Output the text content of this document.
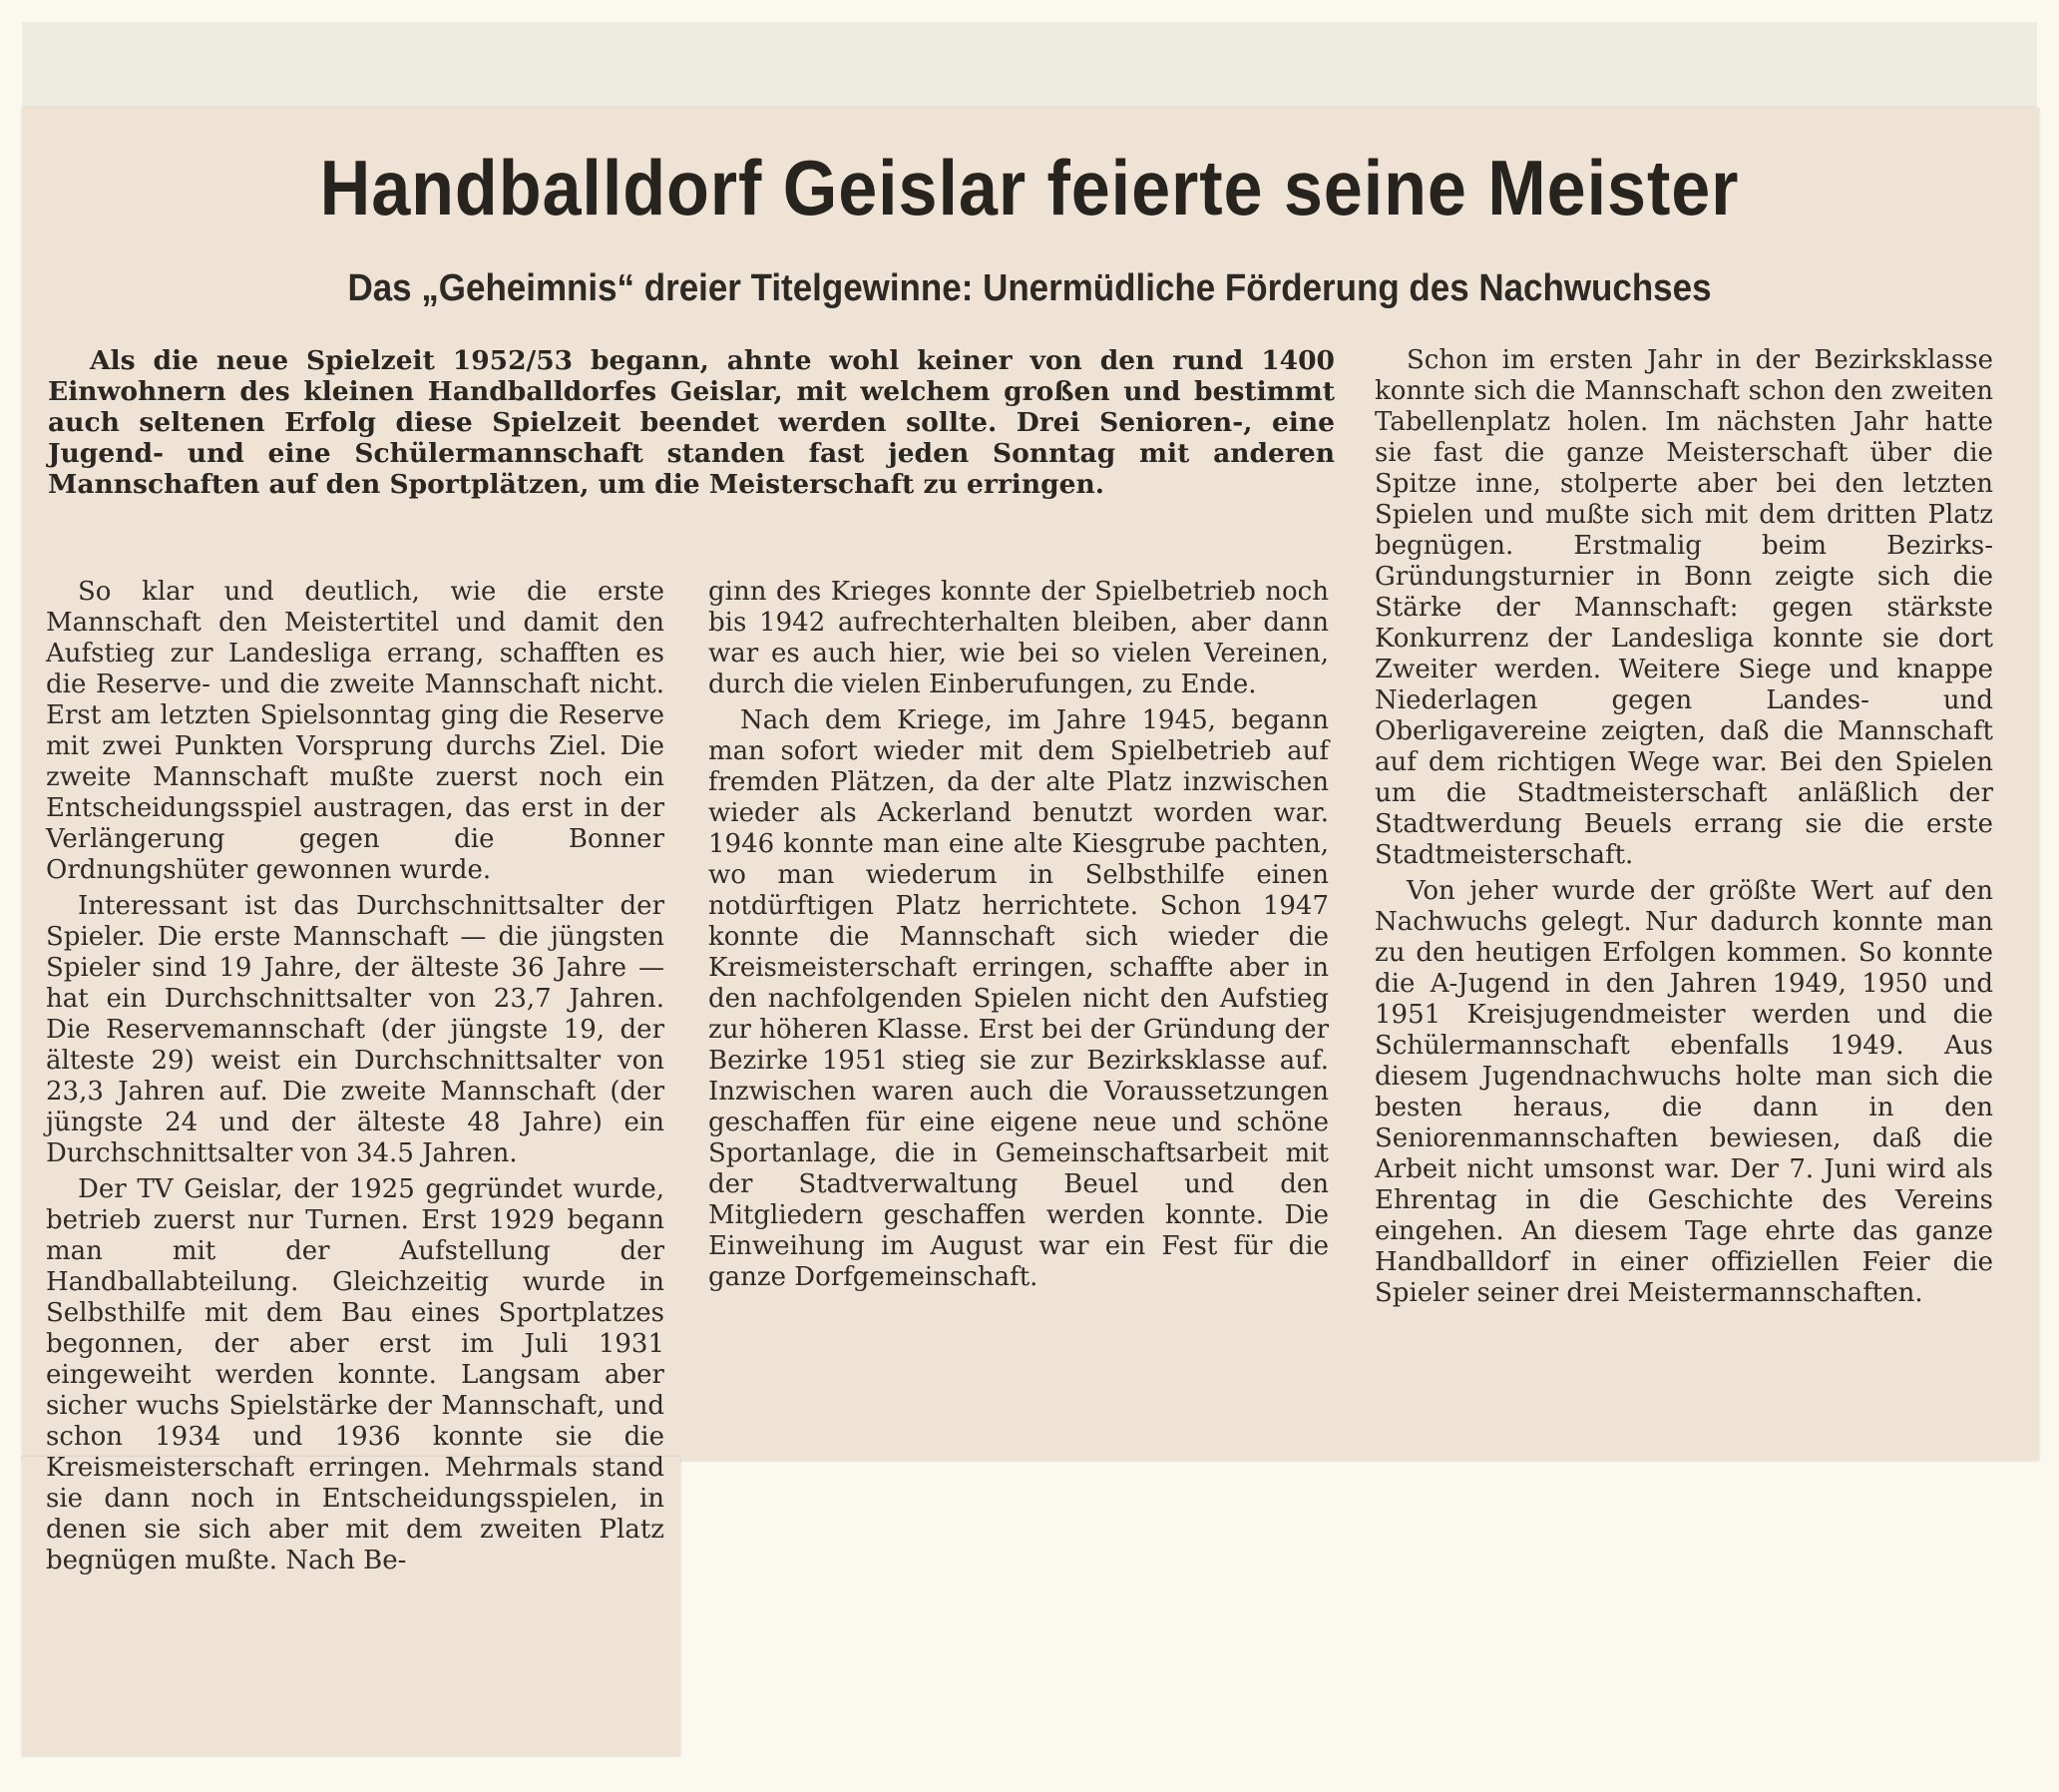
Handballdorf Geislar feierte seine Meister
Das „Geheimnis“ dreier Titelgewinne: Unermüdliche Förderung des Nachwuchses

Als die neue Spielzeit 1952/53 begann, ahnte wohl keiner von den rund 1400 Einwohnern des kleinen Handballdorfes Geislar, mit welchem großen und bestimmt auch seltenen Erfolg diese Spielzeit beendet werden sollte. Drei Senioren-, eine Jugend- und eine Schülermannschaft standen fast jeden Sonntag mit anderen Mannschaften auf den Sportplätzen, um die Meisterschaft zu erringen.

So klar und deutlich, wie die erste Mannschaft den Meistertitel und damit den Aufstieg zur Landesliga errang, schafften es die Reserve- und die zweite Mannschaft nicht. Erst am letzten Spielsonntag ging die Reserve mit zwei Punkten Vorsprung durchs Ziel. Die zweite Mannschaft mußte zuerst noch ein Entscheidungsspiel austragen, das erst in der Verlängerung gegen die Bonner Ordnungshüter gewonnen wurde.

Interessant ist das Durchschnittsalter der Spieler. Die erste Mannschaft — die jüngsten Spieler sind 19 Jahre, der älteste 36 Jahre — hat ein Durchschnittsalter von 23,7 Jahren. Die Reservemannschaft (der jüngste 19, der älteste 29) weist ein Durchschnittsalter von 23,3 Jahren auf. Die zweite Mannschaft (der jüngste 24 und der älteste 48 Jahre) ein Durchschnittsalter von 34.5 Jahren.

Der TV Geislar, der 1925 gegründet wurde, betrieb zuerst nur Turnen. Erst 1929 begann man mit der Aufstellung der Handballabteilung. Gleichzeitig wurde in Selbsthilfe mit dem Bau eines Sportplatzes begonnen, der aber erst im Juli 1931 eingeweiht werden konnte. Langsam aber sicher wuchs Spielstärke der Mannschaft, und schon 1934 und 1936 konnte sie die Kreismeisterschaft erringen. Mehrmals stand sie dann noch in Entscheidungsspielen, in denen sie sich aber mit dem zweiten Platz begnügen mußte. Nach Be-

ginn des Krieges konnte der Spielbetrieb noch bis 1942 aufrechterhalten bleiben, aber dann war es auch hier, wie bei so vielen Vereinen, durch die vielen Einberufungen, zu Ende.

Nach dem Kriege, im Jahre 1945, begann man sofort wieder mit dem Spielbetrieb auf fremden Plätzen, da der alte Platz inzwischen wieder als Ackerland benutzt worden war. 1946 konnte man eine alte Kiesgrube pachten, wo man wiederum in Selbsthilfe einen notdürftigen Platz herrichtete. Schon 1947 konnte die Mannschaft sich wieder die Kreismeisterschaft erringen, schaffte aber in den nachfolgenden Spielen nicht den Aufstieg zur höheren Klasse. Erst bei der Gründung der Bezirke 1951 stieg sie zur Bezirksklasse auf. Inzwischen waren auch die Voraussetzungen geschaffen für eine eigene neue und schöne Sportanlage, die in Gemeinschaftsarbeit mit der Stadtverwaltung Beuel und den Mitgliedern geschaffen werden konnte. Die Einweihung im August war ein Fest für die ganze Dorfgemeinschaft.

Schon im ersten Jahr in der Bezirksklasse konnte sich die Mannschaft schon den zweiten Tabellenplatz holen. Im nächsten Jahr hatte sie fast die ganze Meisterschaft über die Spitze inne, stolperte aber bei den letzten Spielen und mußte sich mit dem dritten Platz begnügen. Erstmalig beim Bezirks-Gründungsturnier in Bonn zeigte sich die Stärke der Mannschaft: gegen stärkste Konkurrenz der Landesliga konnte sie dort Zweiter werden. Weitere Siege und knappe Niederlagen gegen Landes- und Oberligavereine zeigten, daß die Mannschaft auf dem richtigen Wege war. Bei den Spielen um die Stadtmeisterschaft anläßlich der Stadtwerdung Beuels errang sie die erste Stadtmeisterschaft.

Von jeher wurde der größte Wert auf den Nachwuchs gelegt. Nur dadurch konnte man zu den heutigen Erfolgen kommen. So konnte die A-Jugend in den Jahren 1949, 1950 und 1951 Kreisjugendmeister werden und die Schülermannschaft ebenfalls 1949. Aus diesem Jugendnachwuchs holte man sich die besten heraus, die dann in den Seniorenmannschaften bewiesen, daß die Arbeit nicht umsonst war. Der 7. Juni wird als Ehrentag in die Geschichte des Vereins eingehen. An diesem Tage ehrte das ganze Handballdorf in einer offiziellen Feier die Spieler seiner drei Meistermannschaften.
